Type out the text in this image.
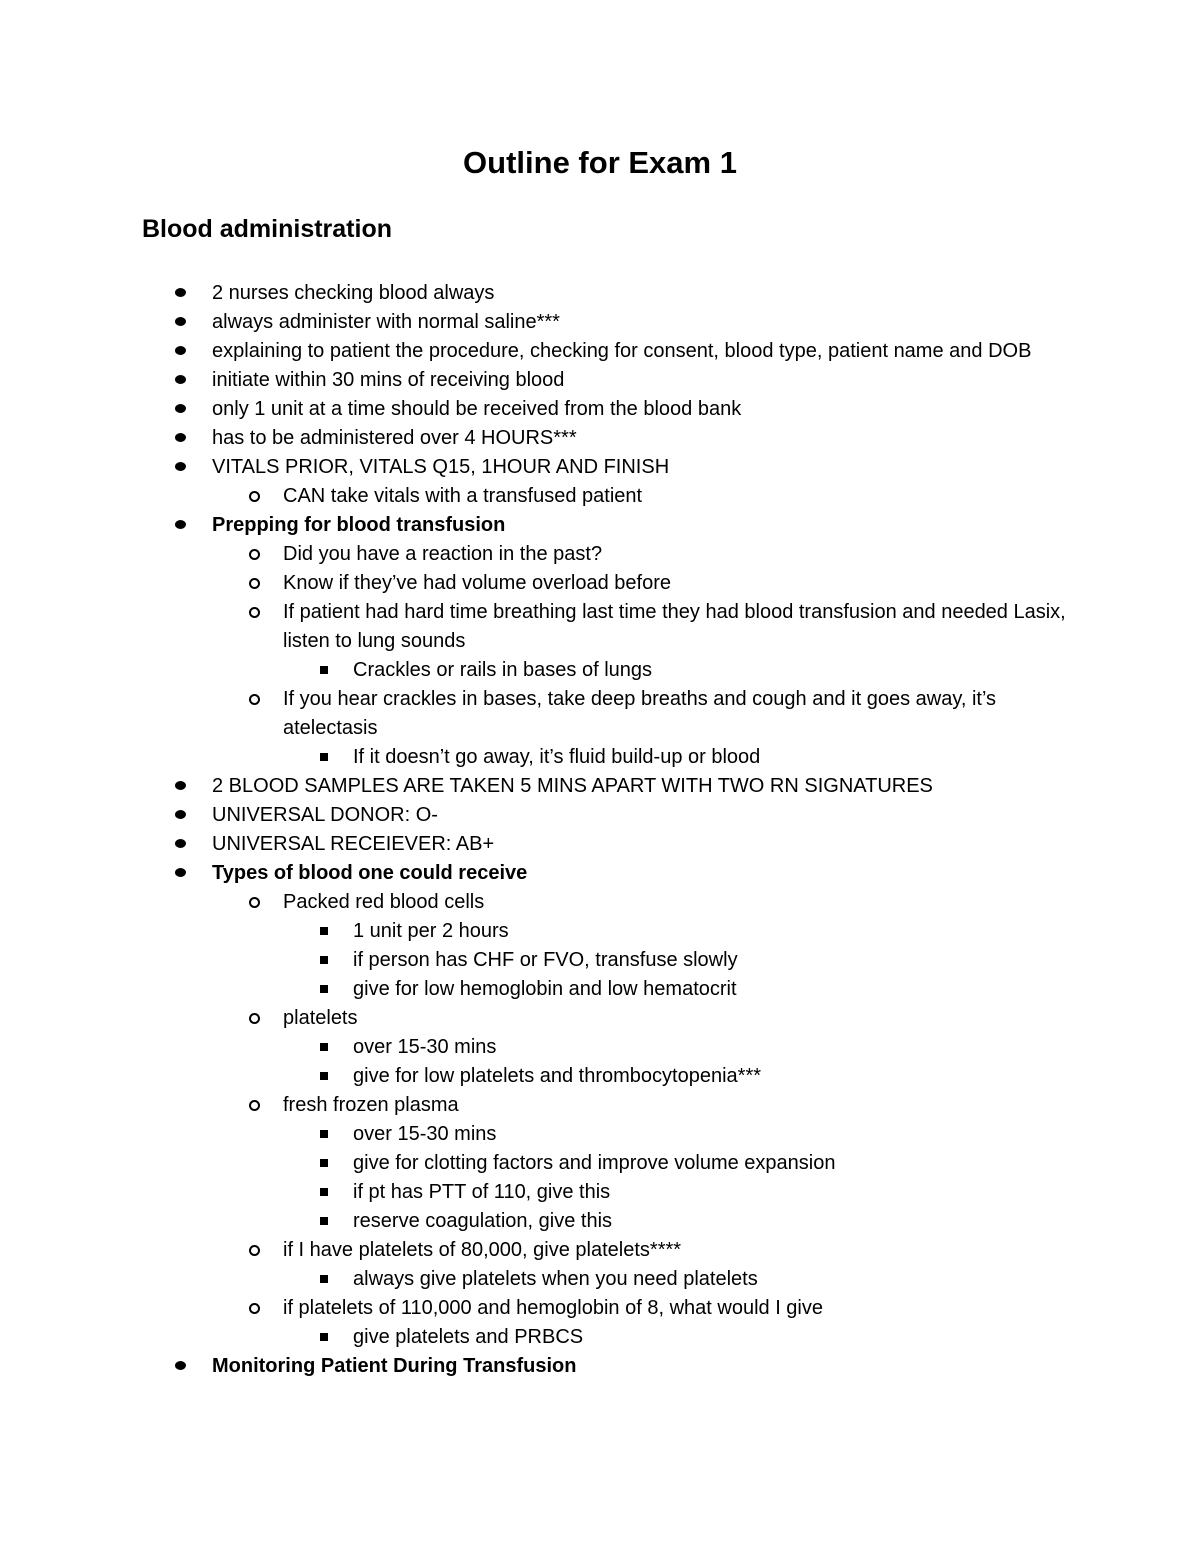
Outline for Exam 1
Blood administration
2 nurses checking blood always
always administer with normal saline***
explaining to patient the procedure, checking for consent, blood type, patient name and DOB
initiate within 30 mins of receiving blood
only 1 unit at a time should be received from the blood bank
has to be administered over 4 HOURS***
VITALS PRIOR, VITALS Q15, 1HOUR AND FINISH
CAN take vitals with a transfused patient
Prepping for blood transfusion
Did you have a reaction in the past?
Know if they’ve had volume overload before
If patient had hard time breathing last time they had blood transfusion and needed Lasix, listen to lung sounds
Crackles or rails in bases of lungs
If you hear crackles in bases, take deep breaths and cough and it goes away, it’s atelectasis
If it doesn’t go away, it’s fluid build-up or blood
2 BLOOD SAMPLES ARE TAKEN 5 MINS APART WITH TWO RN SIGNATURES
UNIVERSAL DONOR: O-
UNIVERSAL RECEIEVER: AB+
Types of blood one could receive
Packed red blood cells
1 unit per 2 hours
if person has CHF or FVO, transfuse slowly
give for low hemoglobin and low hematocrit
platelets
over 15-30 mins
give for low platelets and thrombocytopenia***
fresh frozen plasma
over 15-30 mins
give for clotting factors and improve volume expansion
if pt has PTT of 110, give this
reserve coagulation, give this
if I have platelets of 80,000, give platelets****
always give platelets when you need platelets
if platelets of 110,000 and hemoglobin of 8, what would I give
give platelets and PRBCS
Monitoring Patient During Transfusion
